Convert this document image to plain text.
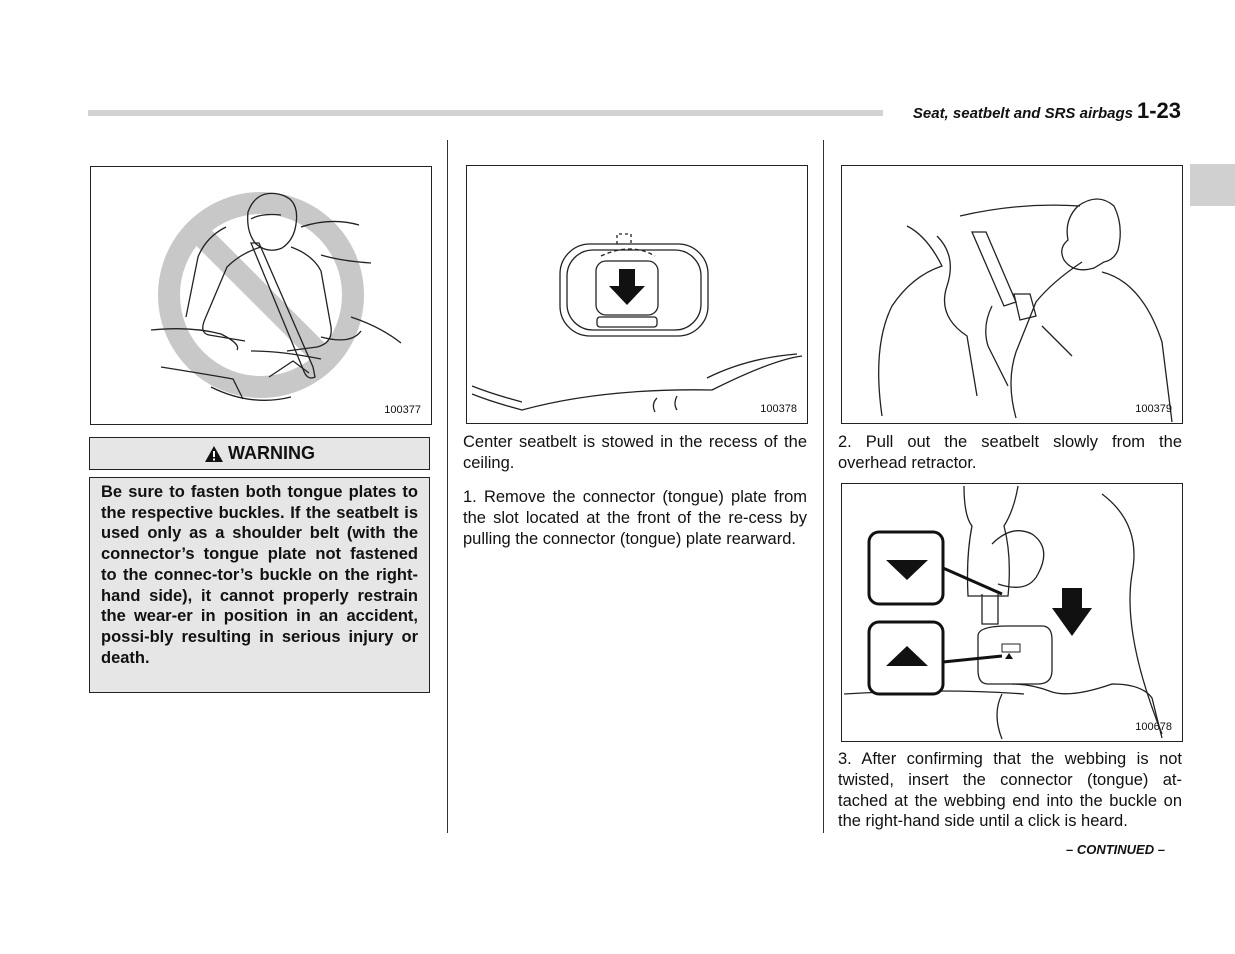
Seat, seatbelt and SRS airbags 1-23
100377
WARNING
Be sure to fasten both tongue plates to the respective buckles. If the seatbelt is used only as a shoulder belt (with the connector’s tongue plate not fastened to the connec-tor’s buckle on the right-hand side), it cannot properly restrain the wear-er in position in an accident, possi-bly resulting in serious injury or death.
100378
Center seatbelt is stowed in the recess of the ceiling.
1. Remove the connector (tongue) plate from the slot located at the front of the re-cess by pulling the connector (tongue) plate rearward.
100379
2. Pull out the seatbelt slowly from the overhead retractor.
100678
3. After confirming that the webbing is not twisted, insert the connector (tongue) at-tached at the webbing end into the buckle on the right-hand side until a click is heard.
– CONTINUED –
